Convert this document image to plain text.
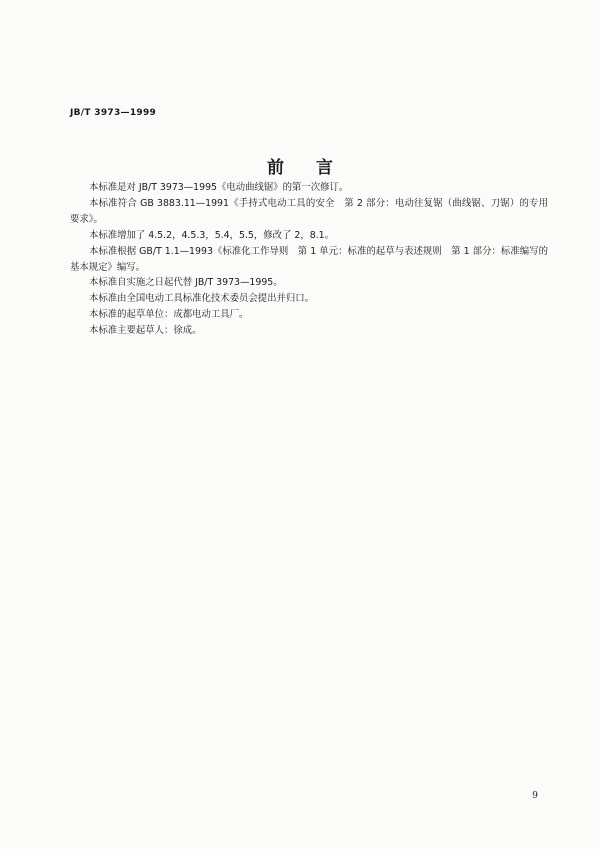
JB/T 3973—1999
前言

本标准是对 JB/T 3973—1995《电动曲线锯》的第一次修订。

本标准符合 GB 3883.11—1991《手持式电动工具的安全　第 2 部分：电动往复锯（曲线锯、刀锯）的专用要求》。

本标准增加了 4.5.2，4.5.3，5.4，5.5，修改了 2，8.1。

本标准根据 GB/T 1.1—1993《标准化工作导则　第 1 单元：标准的起草与表述规则　第 1 部分：标准编写的基本规定》编写。

本标准自实施之日起代替 JB/T 3973—1995。

本标准由全国电动工具标准化技术委员会提出并归口。

本标准的起草单位：成都电动工具厂。

本标准主要起草人：徐成。

9
